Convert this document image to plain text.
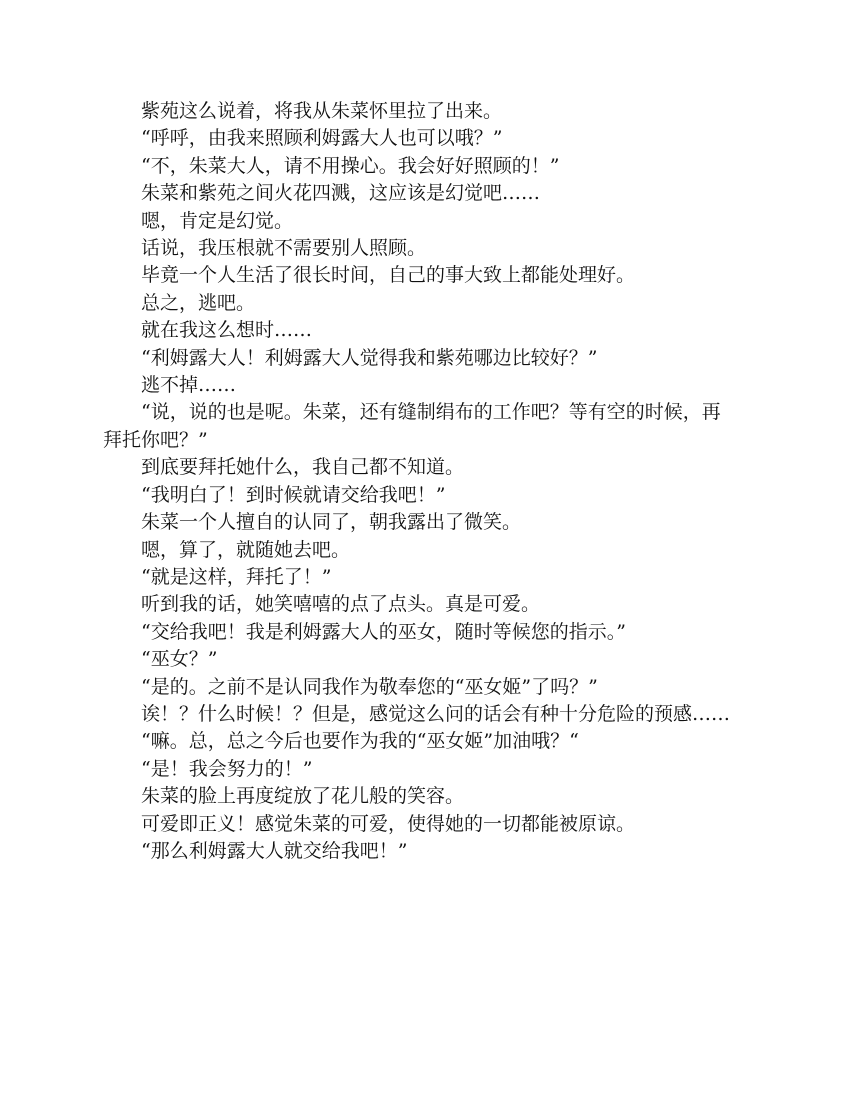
紫苑这么说着，将我从朱菜怀里拉了出来。

“呼呼，由我来照顾利姆露大人也可以哦？”

“不，朱菜大人，请不用操心。我会好好照顾的！”

朱菜和紫苑之间火花四溅，这应该是幻觉吧……

嗯，肯定是幻觉。

话说，我压根就不需要别人照顾。

毕竟一个人生活了很长时间，自己的事大致上都能处理好。

总之，逃吧。

就在我这么想时……

“利姆露大人！利姆露大人觉得我和紫苑哪边比较好？”

逃不掉……

“说，说的也是呢。朱菜，还有缝制绢布的工作吧？等有空的时候，再拜托你吧？”

到底要拜托她什么，我自己都不知道。

“我明白了！到时候就请交给我吧！”

朱菜一个人擅自的认同了，朝我露出了微笑。

嗯，算了，就随她去吧。

“就是这样，拜托了！”

听到我的话，她笑嘻嘻的点了点头。真是可爱。

“交给我吧！我是利姆露大人的巫女，随时等候您的指示。”

“巫女？”

“是的。之前不是认同我作为敬奉您的“巫女姬”了吗？”

诶！？什么时候！？但是，感觉这么问的话会有种十分危险的预感……

“嘛。总，总之今后也要作为我的“巫女姬”加油哦？“

“是！我会努力的！”

朱菜的脸上再度绽放了花儿般的笑容。

可爱即正义！感觉朱菜的可爱，使得她的一切都能被原谅。

“那么利姆露大人就交给我吧！”
